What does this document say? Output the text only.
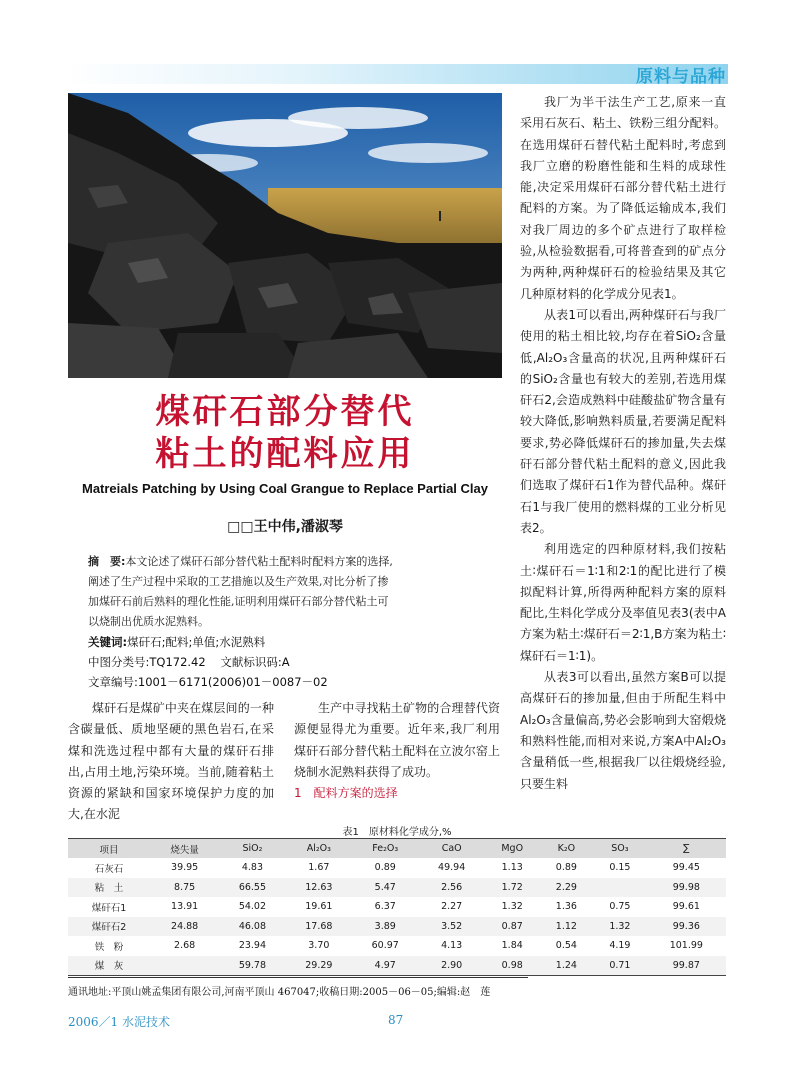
原料与品种
煤矸石部分替代
粘土的配料应用
Matreials Patching by Using Coal Grangue to Replace Partial Clay
□□王中伟,潘淑琴
摘　要:本文论述了煤矸石部分替代粘土配料时配料方案的选择,
阐述了生产过程中采取的工艺措施以及生产效果,对比分析了掺
加煤矸石前后熟料的理化性能,证明利用煤矸石部分替代粘土可
以烧制出优质水泥熟料。
关键词:煤矸石;配料;单值;水泥熟料
中图分类号:TQ172.42 文献标识码:A
文章编号:1001－6171(2006)01－0087－02

煤矸石是煤矿中夹在煤层间的一种含碳量低、质地坚硬的黑色岩石,在采煤和洗选过程中都有大量的煤矸石排出,占用土地,污染环境。当前,随着粘土资源的紧缺和国家环境保护力度的加大,在水泥

生产中寻找粘土矿物的合理替代资源便显得尤为重要。近年来,我厂利用煤矸石部分替代粘土配料在立波尔窑上烧制水泥熟料获得了成功。

1　配料方案的选择

我厂为半干法生产工艺,原来一直采用石灰石、粘土、铁粉三组分配料。在选用煤矸石替代粘土配料时,考虑到我厂立磨的粉磨性能和生料的成球性能,决定采用煤矸石部分替代粘土进行配料的方案。为了降低运输成本,我们对我厂周边的多个矿点进行了取样检验,从检验数据看,可将普查到的矿点分为两种,两种煤矸石的检验结果及其它几种原材料的化学成分见表1。

从表1可以看出,两种煤矸石与我厂使用的粘土相比较,均存在着SiO₂含量低,Al₂O₃含量高的状况,且两种煤矸石的SiO₂含量也有较大的差别,若选用煤矸石2,会造成熟料中硅酸盐矿物含量有较大降低,影响熟料质量,若要满足配料要求,势必降低煤矸石的掺加量,失去煤矸石部分替代粘土配料的意义,因此我们选取了煤矸石1作为替代品种。煤矸石1与我厂使用的燃料煤的工业分析见表2。

利用选定的四种原材料,我们按粘土∶煤矸石＝1∶1和2∶1的配比进行了模拟配料计算,所得两种配料方案的原料配比,生料化学成分及率值见表3(表中A方案为粘土∶煤矸石＝2∶1,B方案为粘土∶煤矸石＝1∶1)。

从表3可以看出,虽然方案B可以提高煤矸石的掺加量,但由于所配生料中Al₂O₃含量偏高,势必会影响到大窑煅烧和熟料性能,而相对来说,方案A中Al₂O₃含量稍低一些,根据我厂以往煅烧经验,只要生料

表1　原材料化学成分,%
项目	烧失量	SiO₂	Al₂O₃	Fe₂O₃	CaO	MgO	K₂O	SO₃	∑
石灰石	39.95	4.83	1.67	0.89	49.94	1.13	0.89	0.15	99.45
粘　土	8.75	66.55	12.63	5.47	2.56	1.72	2.29		99.98
煤矸石1	13.91	54.02	19.61	6.37	2.27	1.32	1.36	0.75	99.61
煤矸石2	24.88	46.08	17.68	3.89	3.52	0.87	1.12	1.32	99.36
铁　粉	2.68	23.94	3.70	60.97	4.13	1.84	0.54	4.19	101.99
煤　灰		59.78	29.29	4.97	2.90	0.98	1.24	0.71	99.87
通讯地址:平顶山姚孟集团有限公司,河南平顶山 467047;收稿日期:2005－06－05;编辑:赵　莲
2006／1 水泥技术	87
